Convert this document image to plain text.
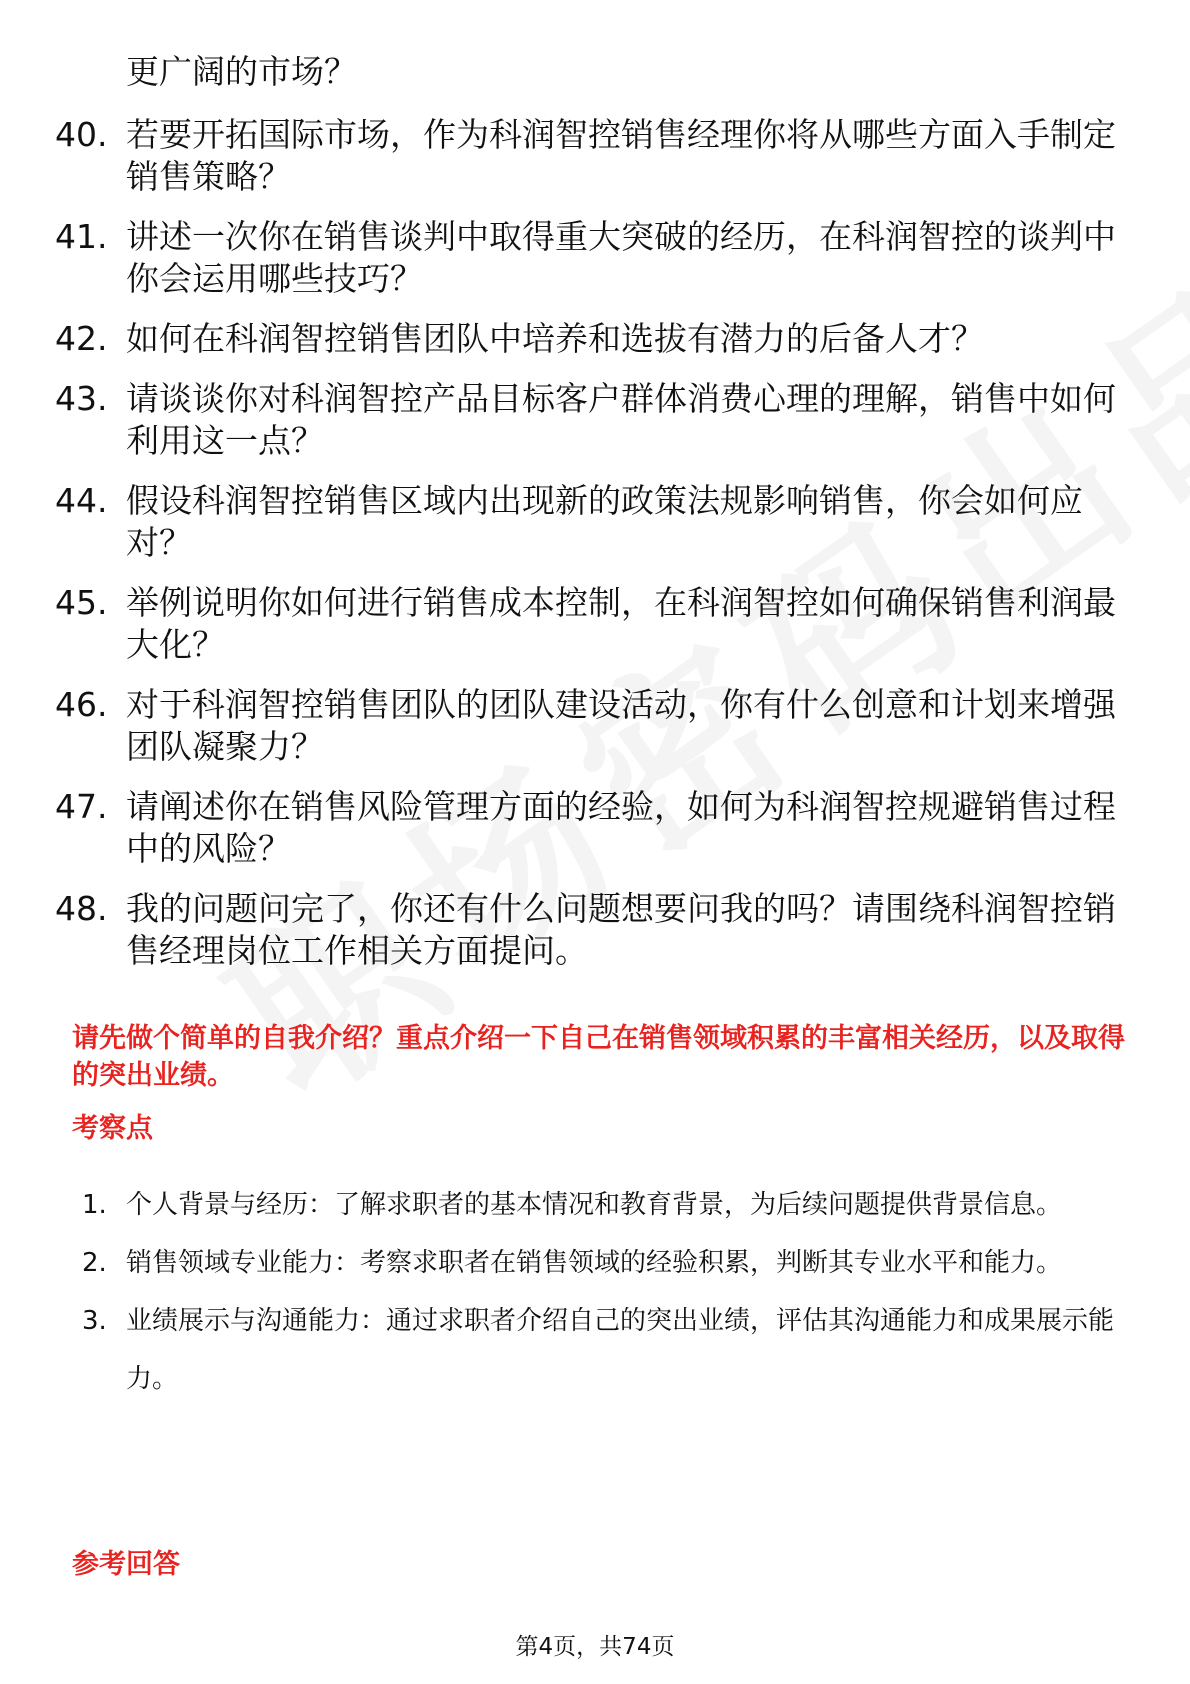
更广阔的市场？

40. 若要开拓国际市场，作为科润智控销售经理你将从哪些方面入手制定销售策略？
41. 讲述一次你在销售谈判中取得重大突破的经历，在科润智控的谈判中你会运用哪些技巧？
42. 如何在科润智控销售团队中培养和选拔有潜力的后备人才？
43. 请谈谈你对科润智控产品目标客户群体消费心理的理解，销售中如何利用这一点？
44. 假设科润智控销售区域内出现新的政策法规影响销售，你会如何应对？
45. 举例说明你如何进行销售成本控制，在科润智控如何确保销售利润最大化？
46. 对于科润智控销售团队的团队建设活动，你有什么创意和计划来增强团队凝聚力？
47. 请阐述你在销售风险管理方面的经验，如何为科润智控规避销售过程中的风险？
48. 我的问题问完了，你还有什么问题想要问我的吗？请围绕科润智控销售经理岗位工作相关方面提问。

请先做个简单的自我介绍？重点介绍一下自己在销售领域积累的丰富相关经历，以及取得的突出业绩。

考察点

1. 个人背景与经历：了解求职者的基本情况和教育背景，为后续问题提供背景信息。
2. 销售领域专业能力：考察求职者在销售领域的经验积累，判断其专业水平和能力。
3. 业绩展示与沟通能力：通过求职者介绍自己的突出业绩，评估其沟通能力和成果展示能力。

参考回答

第4页，共74页
